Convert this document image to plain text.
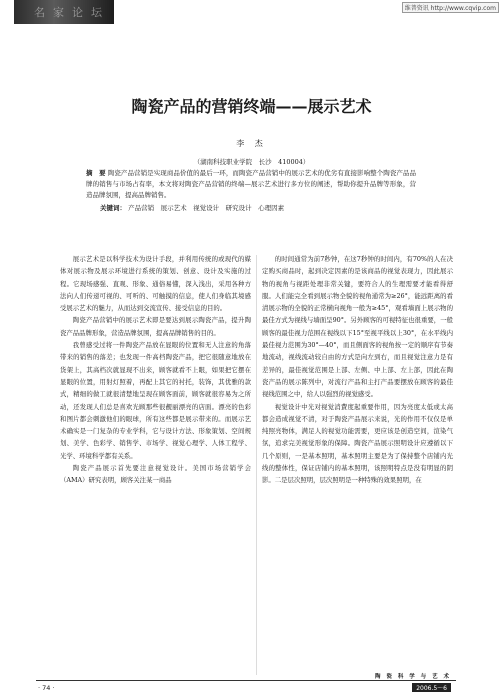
名家论坛	维普资讯 http://www.cqvip.com
陶瓷产品的营销终端——展示艺术
李 杰
（湖南科技职业学院　长沙　410004）
摘　要 陶瓷产品营销是实现商品价值的最后一环，而陶瓷产品营销中的展示艺术的优劣有直接影响整个陶瓷产品品牌的销售与市场占有率，本文将对陶瓷产品营销的终端—展示艺术进行多方位的阐述，帮助你提升品牌等形象，营造品牌氛围，提高品牌销售。
关键词： 产品营销　展示艺术　视觉设计　研究设计　心理因素

展示艺术是以科学技术为设计手段，并利用传统的或现代的媒体对展示物及展示环境进行系统的策划、创意、设计及实施的过程。它现场感强、直观、形象、通俗易懂，深入浅出，采用各种方法向人们传递可视的、可听的、可触摸的信息，使人们身临其境感受展示艺术的魅力，从而达到交流宣传、接受信息的目的。

陶瓷产品营销中的展示艺术即是要达到展示陶瓷产品，提升陶瓷产品品牌形象，营造品牌氛围，提高品牌销售的目的。

我曾感受过将一件陶瓷产品放在显眼的位置和无人注意的角落带来的销售的落差；也发现一件高档陶瓷产品，把它很随意地放在货架上，其高档次就显现不出来，顾客就看不上眼，如果把它摆在显眼的位置，用射灯照着，再配上其它的衬托，装饰，其优雅的款式，精细的做工就很清楚地呈现在顾客面前，顾客就很容易为之所动，还发现人们总是喜欢光顾那些很靓丽漂亮的店面。漂亮的色彩和图片都会刺激他们的眼球，所有这些都是展示带来的。而展示艺术确实是一门复杂的专业学科，它与设计方法、形象策划、空间规划、美学、色彩学、销售学、市场学、视觉心理学、人体工程学、光学、环境科学都有关系。

陶瓷产品展示首先要注意视觉设计。美国市场营销学会（AMA）研究表明，顾客关注某一商品

的时间通常为前7秒钟，在这7秒钟的时间内，有70%的人在决定购买商品时，起到决定因素的是该商品的视觉表现力，因此展示物的视角与视距处理非常关键，要符合人的生理需要才能看得舒服。人们能完全看到展示物全貌的视角通常为≥26°，能远距离的看清展示物的全貌的正常横向视角一般为≥45°，观看墙面上展示物的最佳方式为视线与墙面呈90°。另外顾客的可视特征也很重要，一般顾客的最佳视力范围在视线以下15°至视平线以上30°，在水平线内最佳视力范围为30°—40°，而且側面客的视角按一定的顺序有节奏地流动，视线流动较自由的方式是向左到右，而且视觉注意力是有差异的，最佳视觉范围是上部、左侧、中上部、左上部，因此在陶瓷产品的展示陈列中，对流行产品和主打产品要摆放在顾客的最佳视线范围之中，给人以强烈的视觉感受。

视觉设计中光对视觉消費度起重要作用，因为亮度太低或太高都会造成视觉不清，对于陶瓷产品展示来说，光的作用不仅仅是单纯照亮物体，满足人的视觉功能需要，更应该是创造空间，渲染气氛，追求完美视觉形象的保障。陶瓷产品展示照明设计应遵循以下几个原则，一是基本照明，基本照明主要是为了保持整个店铺内光线的整体性，保证店铺内的基本照明，该照明特点是没有明显的阴影。二是层次照明，层次照明是一种特殊的效果照明，在

· 74 ·
陶 瓷 科 学 与 艺 术
2006.5～6
